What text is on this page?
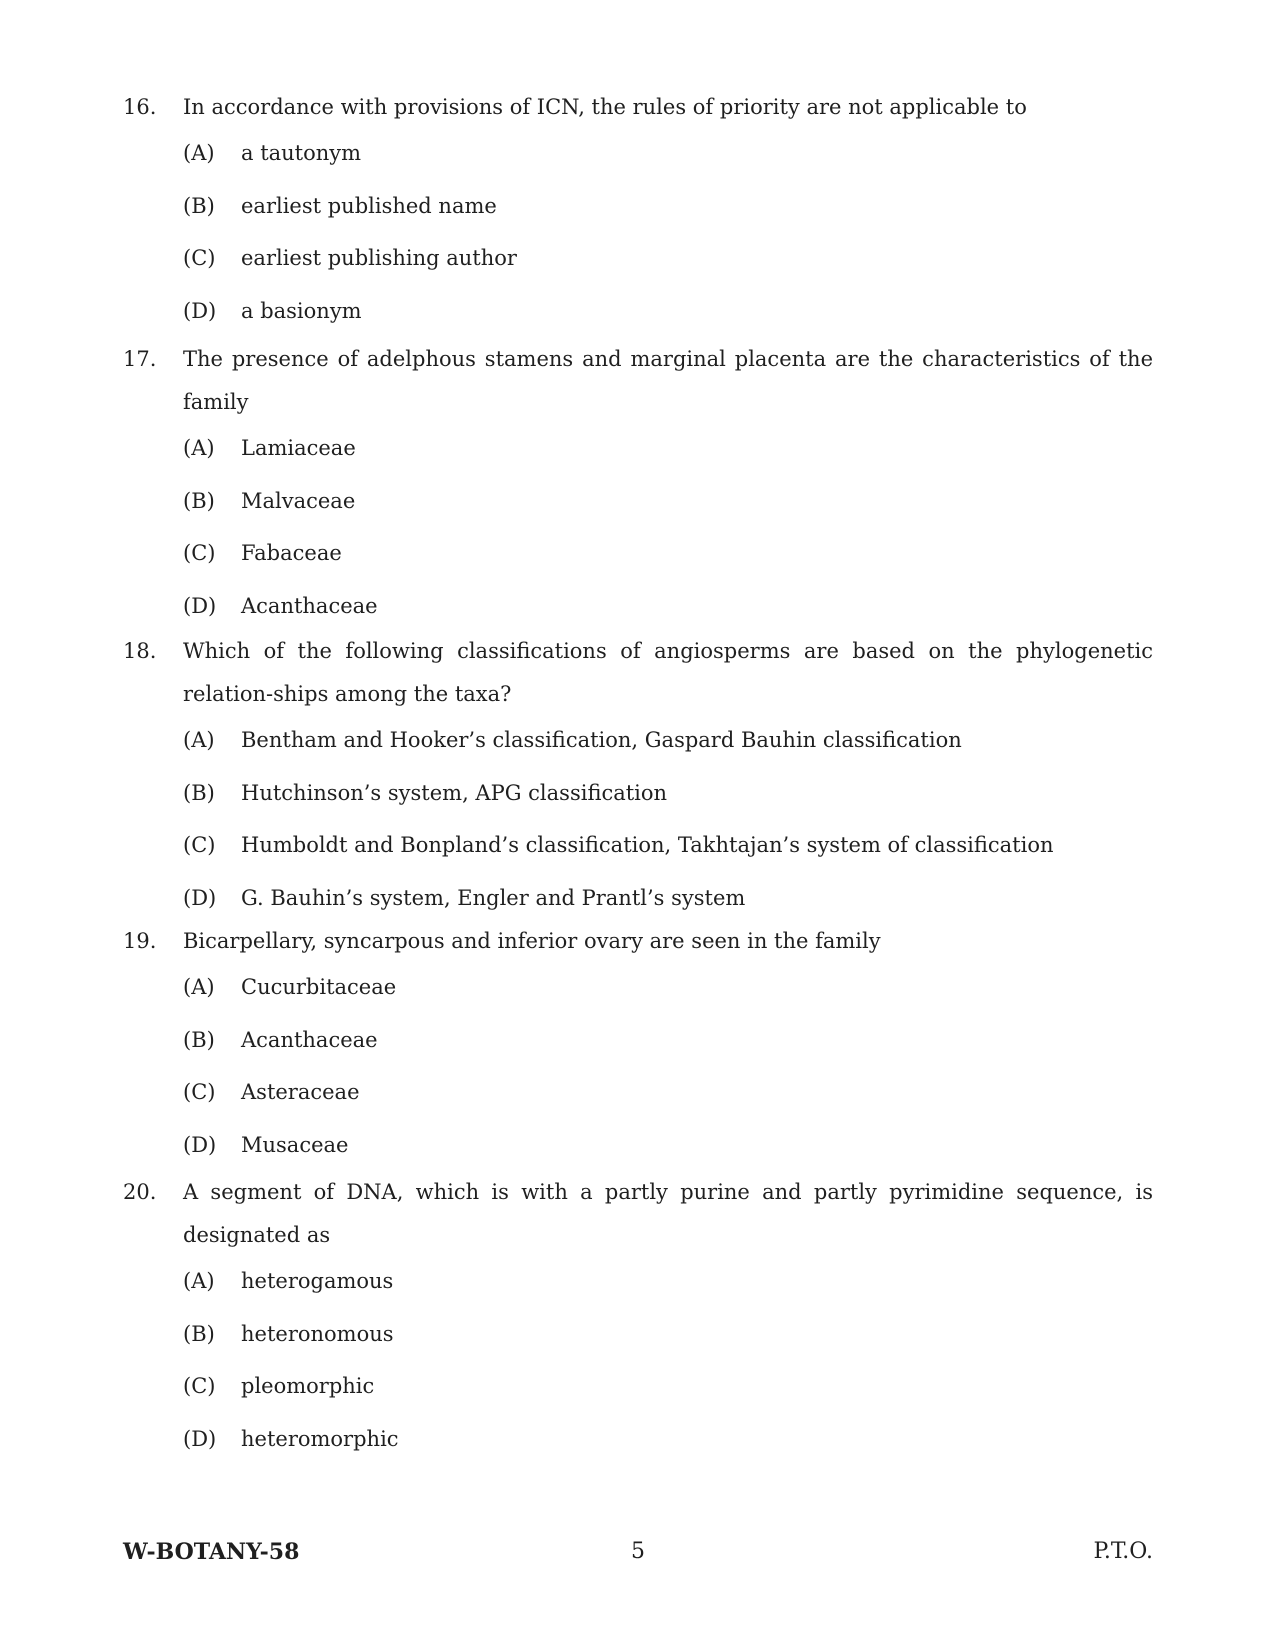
16.	In accordance with provisions of ICN, the rules of priority are not applicable to
(A)	a tautonym
(B)	earliest published name
(C)	earliest publishing author
(D)	a basionym
17.	The presence of adelphous stamens and marginal placenta are the characteristics of the family
(A)	Lamiaceae
(B)	Malvaceae
(C)	Fabaceae
(D)	Acanthaceae
18.	Which of the following classifications of angiosperms are based on the phylogenetic relation-ships among the taxa?
(A)	Bentham and Hooker’s classification, Gaspard Bauhin classification
(B)	Hutchinson’s system, APG classification
(C)	Humboldt and Bonpland’s classification, Takhtajan’s system of classification
(D)	G. Bauhin’s system, Engler and Prantl’s system
19.	Bicarpellary, syncarpous and inferior ovary are seen in the family
(A)	Cucurbitaceae
(B)	Acanthaceae
(C)	Asteraceae
(D)	Musaceae
20.	A segment of DNA, which is with a partly purine and partly pyrimidine sequence, is designated as
(A)	heterogamous
(B)	heteronomous
(C)	pleomorphic
(D)	heteromorphic
W-BOTANY-58	5	P.T.O.
